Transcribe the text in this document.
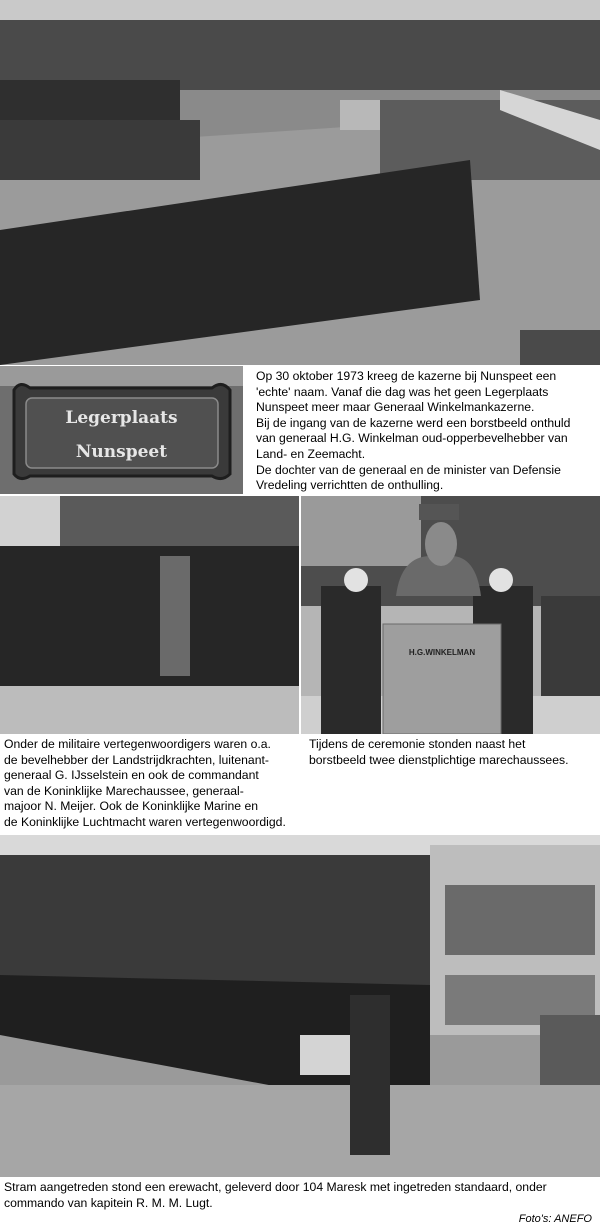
Legerplaats
Nunspeet
Op 30 oktober 1973 kreeg de kazerne bij Nunspeet een
'echte' naam. Vanaf die dag was het geen Legerplaats
Nunspeet meer maar Generaal Winkelmankazerne.
Bij de ingang van de kazerne werd een borstbeeld onthuld
van generaal H.G. Winkelman oud-opperbevelhebber van
Land- en Zeemacht.
De dochter van de generaal en de minister van Defensie
Vredeling verrichtten de onthulling.
H.G.WINKELMAN
Onder de militaire vertegenwoordigers waren o.a.
de bevelhebber der Landstrijdkrachten, luitenant-
generaal G. IJsselstein en ook de commandant
van de Koninklijke Marechaussee, generaal-
majoor N. Meijer. Ook de Koninklijke Marine en
de Koninklijke Luchtmacht waren vertegenwoordigd.
Tijdens de ceremonie stonden naast het
borstbeeld twee dienstplichtige marechaussees.
Stram aangetreden stond een erewacht, geleverd door 104 Maresk met ingetreden standaard, onder
commando van kapitein R. M. M. Lugt.
Foto's: ANEFO
